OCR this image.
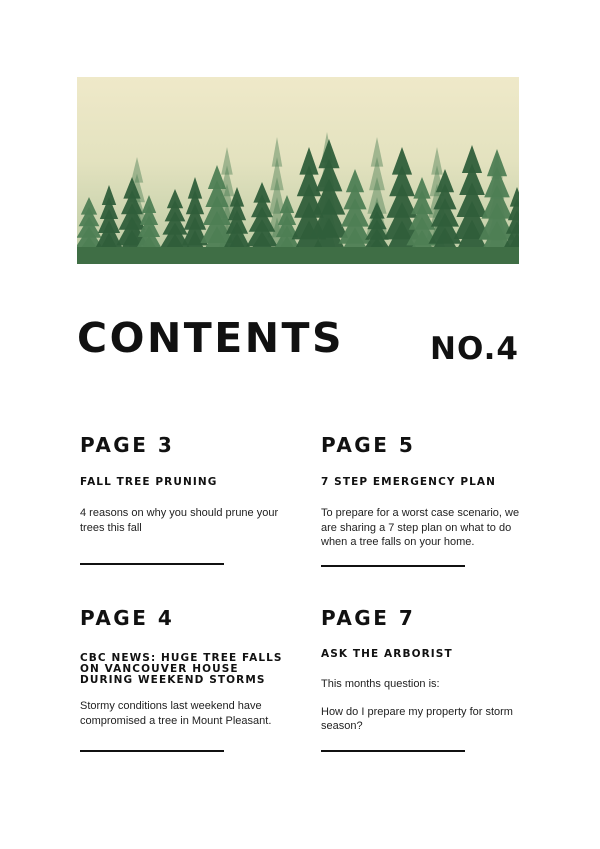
CONTENTS	NO.4
PAGE 3
FALL TREE PRUNING

4 reasons on why you should prune your trees this fall

PAGE 5
7 STEP EMERGENCY PLAN

To prepare for a worst case scenario, we are sharing a 7 step plan on what to do when a tree falls on your home.

PAGE 4
CBC NEWS: HUGE TREE FALLS ON VANCOUVER HOUSE DURING WEEKEND STORMS

Stormy conditions last weekend have compromised a tree in Mount Pleasant.

PAGE 7
ASK THE ARBORIST

This months question is:

How do I prepare my property for storm season?
